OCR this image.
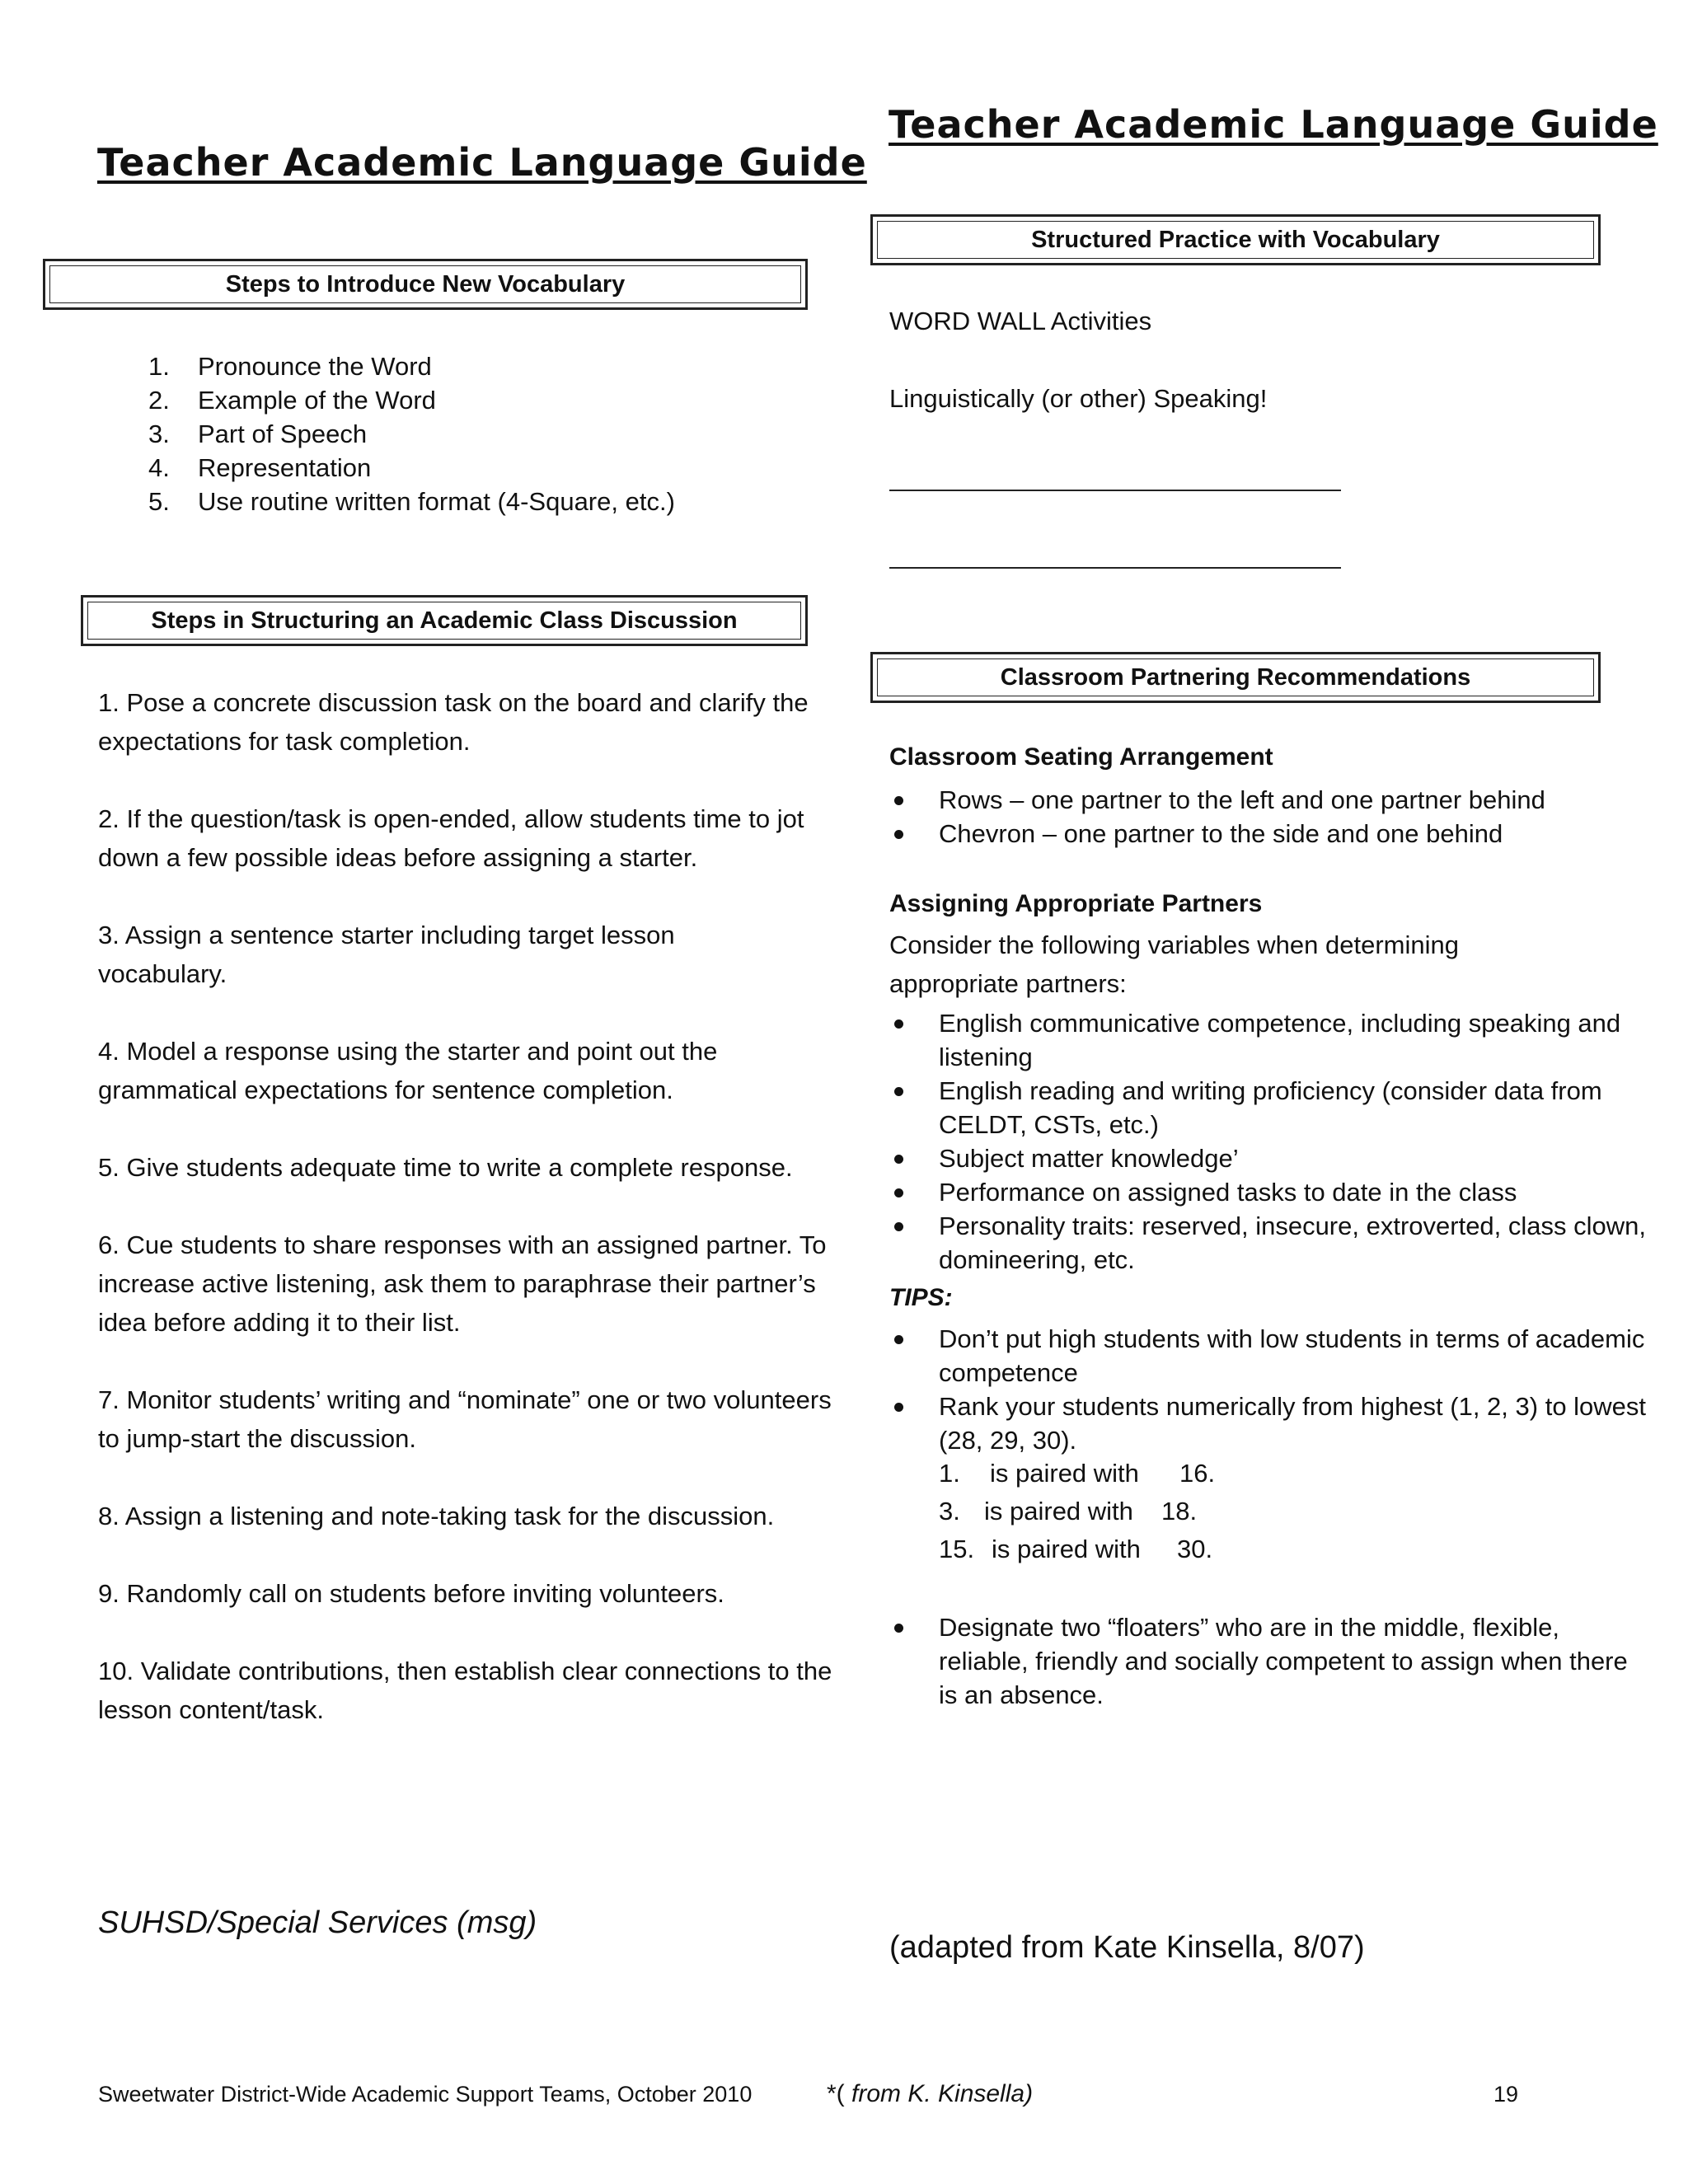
Teacher Academic Language Guide
Steps to Introduce New Vocabulary
1.	Pronounce the Word
2.	Example of the Word
3.	Part of Speech
4.	Representation
5.	Use routine written format (4-Square, etc.)
Steps in Structuring an Academic Class Discussion
1. Pose a concrete discussion task on the board and clarify the expectations for task completion.
2. If the question/task is open-ended, allow students time to jot down a few possible ideas before assigning a starter.
3. Assign a sentence starter including target lesson vocabulary.
4. Model a response using the starter and point out the grammatical expectations for sentence completion.
5. Give students adequate time to write a complete response.
6. Cue students to share responses with an assigned partner. To increase active listening, ask them to paraphrase their partner’s idea before adding it to their list.
7. Monitor students’ writing and “nominate” one or two volunteers to jump-start the discussion.
8. Assign a listening and note-taking task for the discussion.
9. Randomly call on students before inviting volunteers.
10. Validate contributions, then establish clear connections to the lesson content/task.
SUHSD/Special Services (msg)
Teacher Academic Language Guide
Structured Practice with Vocabulary
WORD WALL Activities
Linguistically (or other) Speaking!
Classroom Partnering Recommendations
Classroom Seating Arrangement
Rows – one partner to the left and one partner behind
Chevron – one partner to the side and one behind
Assigning Appropriate Partners
Consider the following variables when determining
appropriate partners:
English communicative competence, including speaking and listening
English reading and writing proficiency (consider data from CELDT, CSTs, etc.)
Subject matter knowledge’
Performance on assigned tasks to date in the class
Personality traits: reserved, insecure, extroverted, class clown, domineering, etc.
TIPS:
Don’t put high students with low students in terms of academic competence
Rank your students numerically from highest (1, 2, 3) to lowest (28, 29, 30).
1. is paired with 16.
3. is paired with 18.
15. is paired with 30.
Designate two “floaters” who are in the middle, flexible, reliable, friendly and socially competent to assign when there is an absence.
(adapted from Kate Kinsella, 8/07)
Sweetwater District-Wide Academic Support Teams, October 2010	*( from K. Kinsella)	19
